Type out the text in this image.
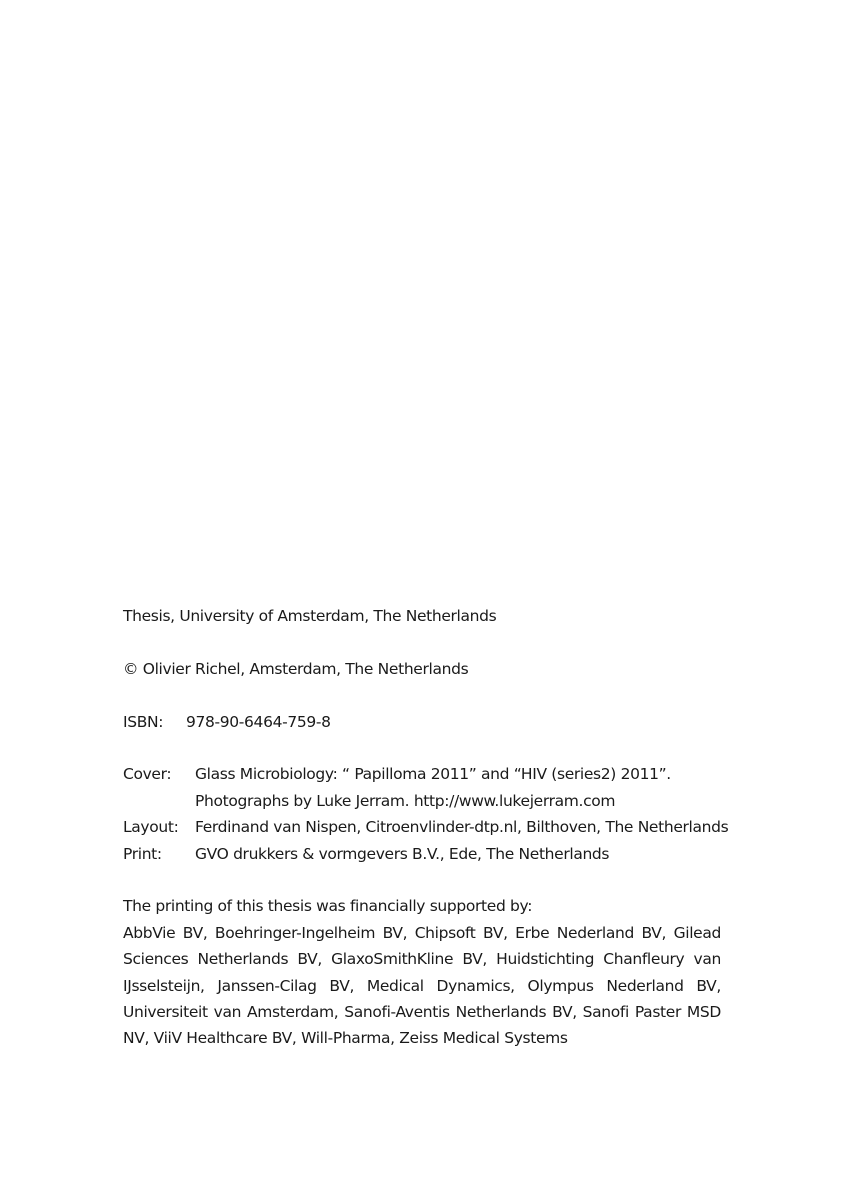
Thesis, University of Amsterdam, The Netherlands

© Olivier Richel, Amsterdam, The Netherlands

ISBN:	978-90-6464-759-8
Cover:	Glass Microbiology: “ Papilloma 2011” and “HIV (series2) 2011”.
Photographs by Luke Jerram. http://www.lukejerram.com
Layout:	Ferdinand van Nispen, Citroenvlinder-dtp.nl, Bilthoven, The Netherlands
Print:	GVO drukkers & vormgevers B.V., Ede, The Netherlands

The printing of this thesis was financially supported by:

AbbVie BV, Boehringer-Ingelheim BV, Chipsoft BV, Erbe Nederland BV, Gilead Sciences Netherlands BV, GlaxoSmithKline BV, Huidstichting Chanfleury van IJsselsteijn, Janssen-Cilag BV, Medical Dynamics, Olympus Nederland BV, Universiteit van Amsterdam, Sanofi-Aventis Netherlands BV, Sanofi Paster MSD NV, ViiV Healthcare BV, Will-Pharma, Zeiss Medical Systems
